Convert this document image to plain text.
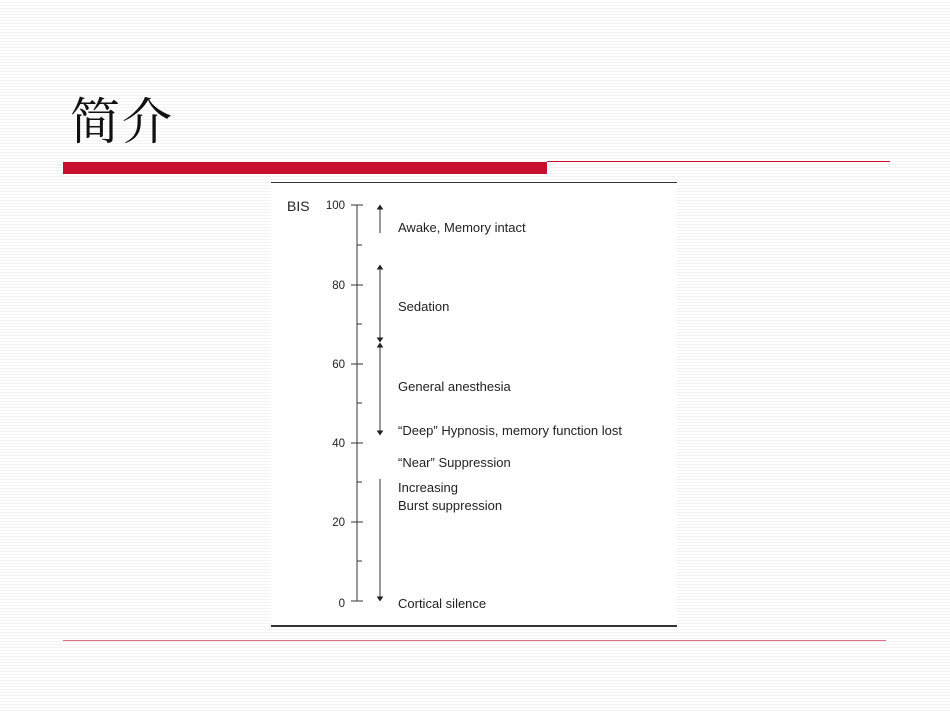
简介
BIS 100
80
60
40
20
0
Awake, Memory intact
Sedation
General anesthesia
“Deep” Hypnosis, memory function lost
“Near” Suppression
Increasing
Burst suppression
Cortical silence
